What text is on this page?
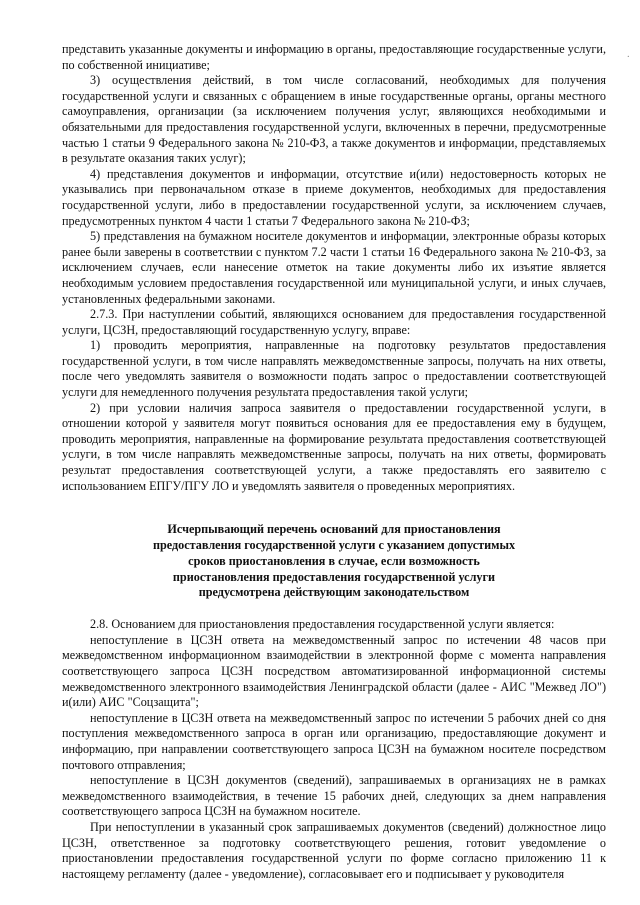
·

представить указанные документы и информацию в органы, предоставляющие государственные услуги, по собственной инициативе;

3) осуществления действий, в том числе согласований, необходимых для получения государственной услуги и связанных с обращением в иные государственные органы, органы местного самоуправления, организации (за исключением получения услуг, являющихся необходимыми и обязательными для предоставления государственной услуги, включенных в перечни, предусмотренные частью 1 статьи 9 Федерального закона № 210-ФЗ, а также документов и информации, представляемых в результате оказания таких услуг);

4) представления документов и информации, отсутствие и(или) недостоверность которых не указывались при первоначальном отказе в приеме документов, необходимых для предоставления государственной услуги, либо в предоставлении государственной услуги, за исключением случаев, предусмотренных пунктом 4 части 1 статьи 7 Федерального закона № 210-ФЗ;

5) представления на бумажном носителе документов и информации, электронные образы которых ранее были заверены в соответствии с пунктом 7.2 части 1 статьи 16 Федерального закона № 210-ФЗ, за исключением случаев, если нанесение отметок на такие документы либо их изъятие является необходимым условием предоставления государственной или муниципальной услуги, и иных случаев, установленных федеральными законами.

2.7.3. При наступлении событий, являющихся основанием для предоставления государственной услуги, ЦСЗН, предоставляющий государственную услугу, вправе:

1) проводить мероприятия, направленные на подготовку результатов предоставления государственной услуги, в том числе направлять межведомственные запросы, получать на них ответы, после чего уведомлять заявителя о возможности подать запрос о предоставлении соответствующей услуги для немедленного получения результата предоставления такой услуги;

2) при условии наличия запроса заявителя о предоставлении государственной услуги, в отношении которой у заявителя могут появиться основания для ее предоставления ему в будущем, проводить мероприятия, направленные на формирование результата предоставления соответствующей услуги, в том числе направлять межведомственные запросы, получать на них ответы, формировать результат предоставления соответствующей услуги, а также предоставлять его заявителю с использованием ЕПГУ/ПГУ ЛО и уведомлять заявителя о проведенных мероприятиях.

Исчерпывающий перечень оснований для приостановления
предоставления государственной услуги с указанием допустимых
сроков приостановления в случае, если возможность
приостановления предоставления государственной услуги
предусмотрена действующим законодательством

2.8. Основанием для приостановления предоставления государственной услуги является:

непоступление в ЦСЗН ответа на межведомственный запрос по истечении 48 часов при межведомственном информационном взаимодействии в электронной форме с момента направления соответствующего запроса ЦСЗН посредством автоматизированной информационной системы межведомственного электронного взаимодействия Ленинградской области (далее - АИС "Межвед ЛО") и(или) АИС "Соцзащита";

непоступление в ЦСЗН ответа на межведомственный запрос по истечении 5 рабочих дней со дня поступления межведомственного запроса в орган или организацию, предоставляющие документ и информацию, при направлении соответствующего запроса ЦСЗН на бумажном носителе посредством почтового отправления;

непоступление в ЦСЗН документов (сведений), запрашиваемых в организациях не в рамках межведомственного взаимодействия, в течение 15 рабочих дней, следующих за днем направления соответствующего запроса ЦСЗН на бумажном носителе.

При непоступлении в указанный срок запрашиваемых документов (сведений) должностное лицо ЦСЗН, ответственное за подготовку соответствующего решения, готовит уведомление о приостановлении предоставления государственной услуги по форме согласно приложению 11 к настоящему регламенту (далее - уведомление), согласовывает его и подписывает у руководителя
